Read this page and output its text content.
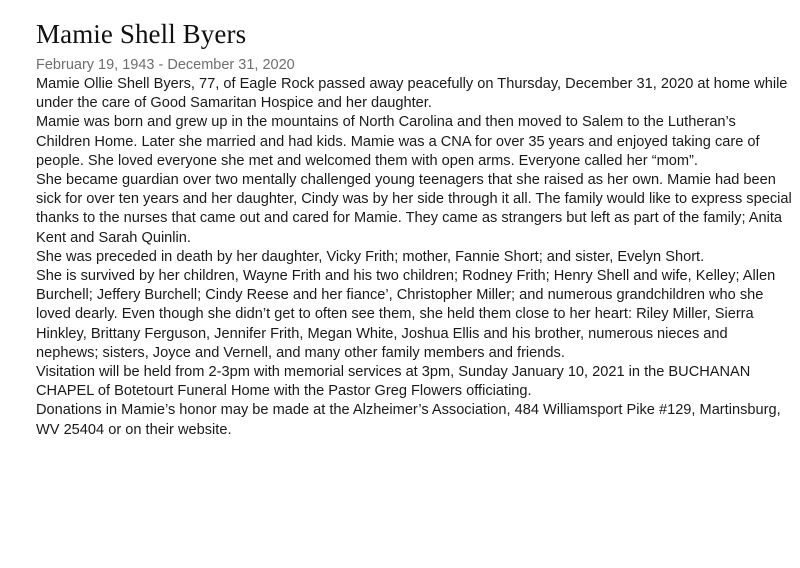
Mamie Shell Byers
February 19, 1943 - December 31, 2020

Mamie Ollie Shell Byers, 77, of Eagle Rock passed away peacefully on Thursday, December 31, 2020 at home while under the care of Good Samaritan Hospice and her daughter.

Mamie was born and grew up in the mountains of North Carolina and then moved to Salem to the Lutheran’s Children Home. Later she married and had kids. Mamie was a CNA for over 35 years and enjoyed taking care of people. She loved everyone she met and welcomed them with open arms. Everyone called her “mom”.

She became guardian over two mentally challenged young teenagers that she raised as her own. Mamie had been sick for over ten years and her daughter, Cindy was by her side through it all. The family would like to express special thanks to the nurses that came out and cared for Mamie. They came as strangers but left as part of the family; Anita Kent and Sarah Quinlin.

She was preceded in death by her daughter, Vicky Frith; mother, Fannie Short; and sister, Evelyn Short.

She is survived by her children, Wayne Frith and his two children; Rodney Frith; Henry Shell and wife, Kelley; Allen Burchell; Jeffery Burchell; Cindy Reese and her fiance’, Christopher Miller; and numerous grandchildren who she loved dearly. Even though she didn’t get to often see them, she held them close to her heart: Riley Miller, Sierra Hinkley, Brittany Ferguson, Jennifer Frith, Megan White, Joshua Ellis and his brother, numerous nieces and nephews; sisters, Joyce and Vernell, and many other family members and friends.

Visitation will be held from 2-3pm with memorial services at 3pm, Sunday January 10, 2021 in the BUCHANAN CHAPEL of Botetourt Funeral Home with the Pastor Greg Flowers officiating.

Donations in Mamie’s honor may be made at the Alzheimer’s Association, 484 Williamsport Pike #129, Martinsburg, WV 25404 or on their website.
